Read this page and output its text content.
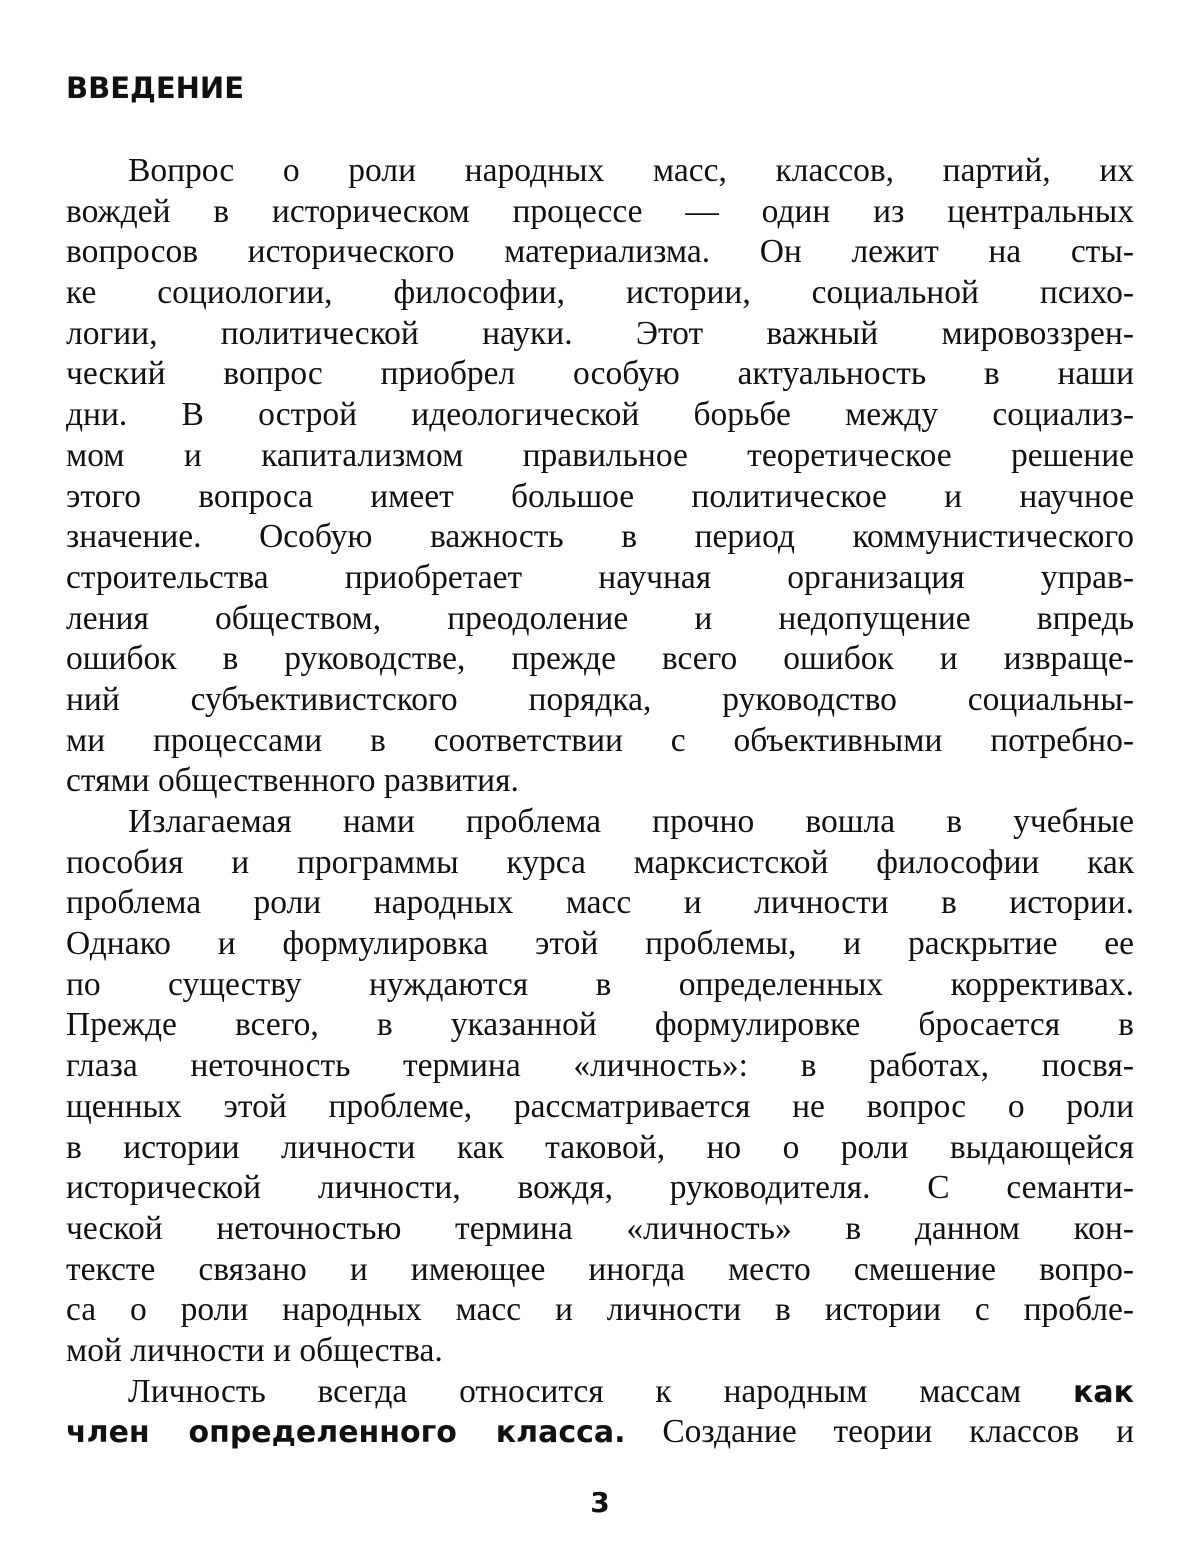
ВВЕДЕНИЕ
Вопрос о роли народных масс, классов, партий, их
вождей в историческом процессе — один из центральных
вопросов исторического материализма. Он лежит на сты-
ке социологии, философии, истории, социальной психо-
логии, политической науки. Этот важный мировоззрен-
ческий вопрос приобрел особую актуальность в наши
дни. В острой идеологической борьбе между социализ-
мом и капитализмом правильное теоретическое решение
этого вопроса имеет большое политическое и научное
значение. Особую важность в период коммунистического
строительства приобретает научная организация управ-
ления обществом, преодоление и недопущение впредь
ошибок в руководстве, прежде всего ошибок и извраще-
ний субъективистского порядка, руководство социальны-
ми процессами в соответствии с объективными потребно-
стями общественного развития.
Излагаемая нами проблема прочно вошла в учебные
пособия и программы курса марксистской философии как
проблема роли народных масс и личности в истории.
Однако и формулировка этой проблемы, и раскрытие ее
по существу нуждаются в определенных коррективах.
Прежде всего, в указанной формулировке бросается в
глаза неточность термина «личность»: в работах, посвя-
щенных этой проблеме, рассматривается не вопрос о роли
в истории личности как таковой, но о роли выдающейся
исторической личности, вождя, руководителя. С семанти-
ческой неточностью термина «личность» в данном кон-
тексте связано и имеющее иногда место смешение вопро-
са о роли народных масс и личности в истории с пробле-
мой личности и общества.
Личность всегда относится к народным массам как
член определенного класса. Создание теории классов и
3
